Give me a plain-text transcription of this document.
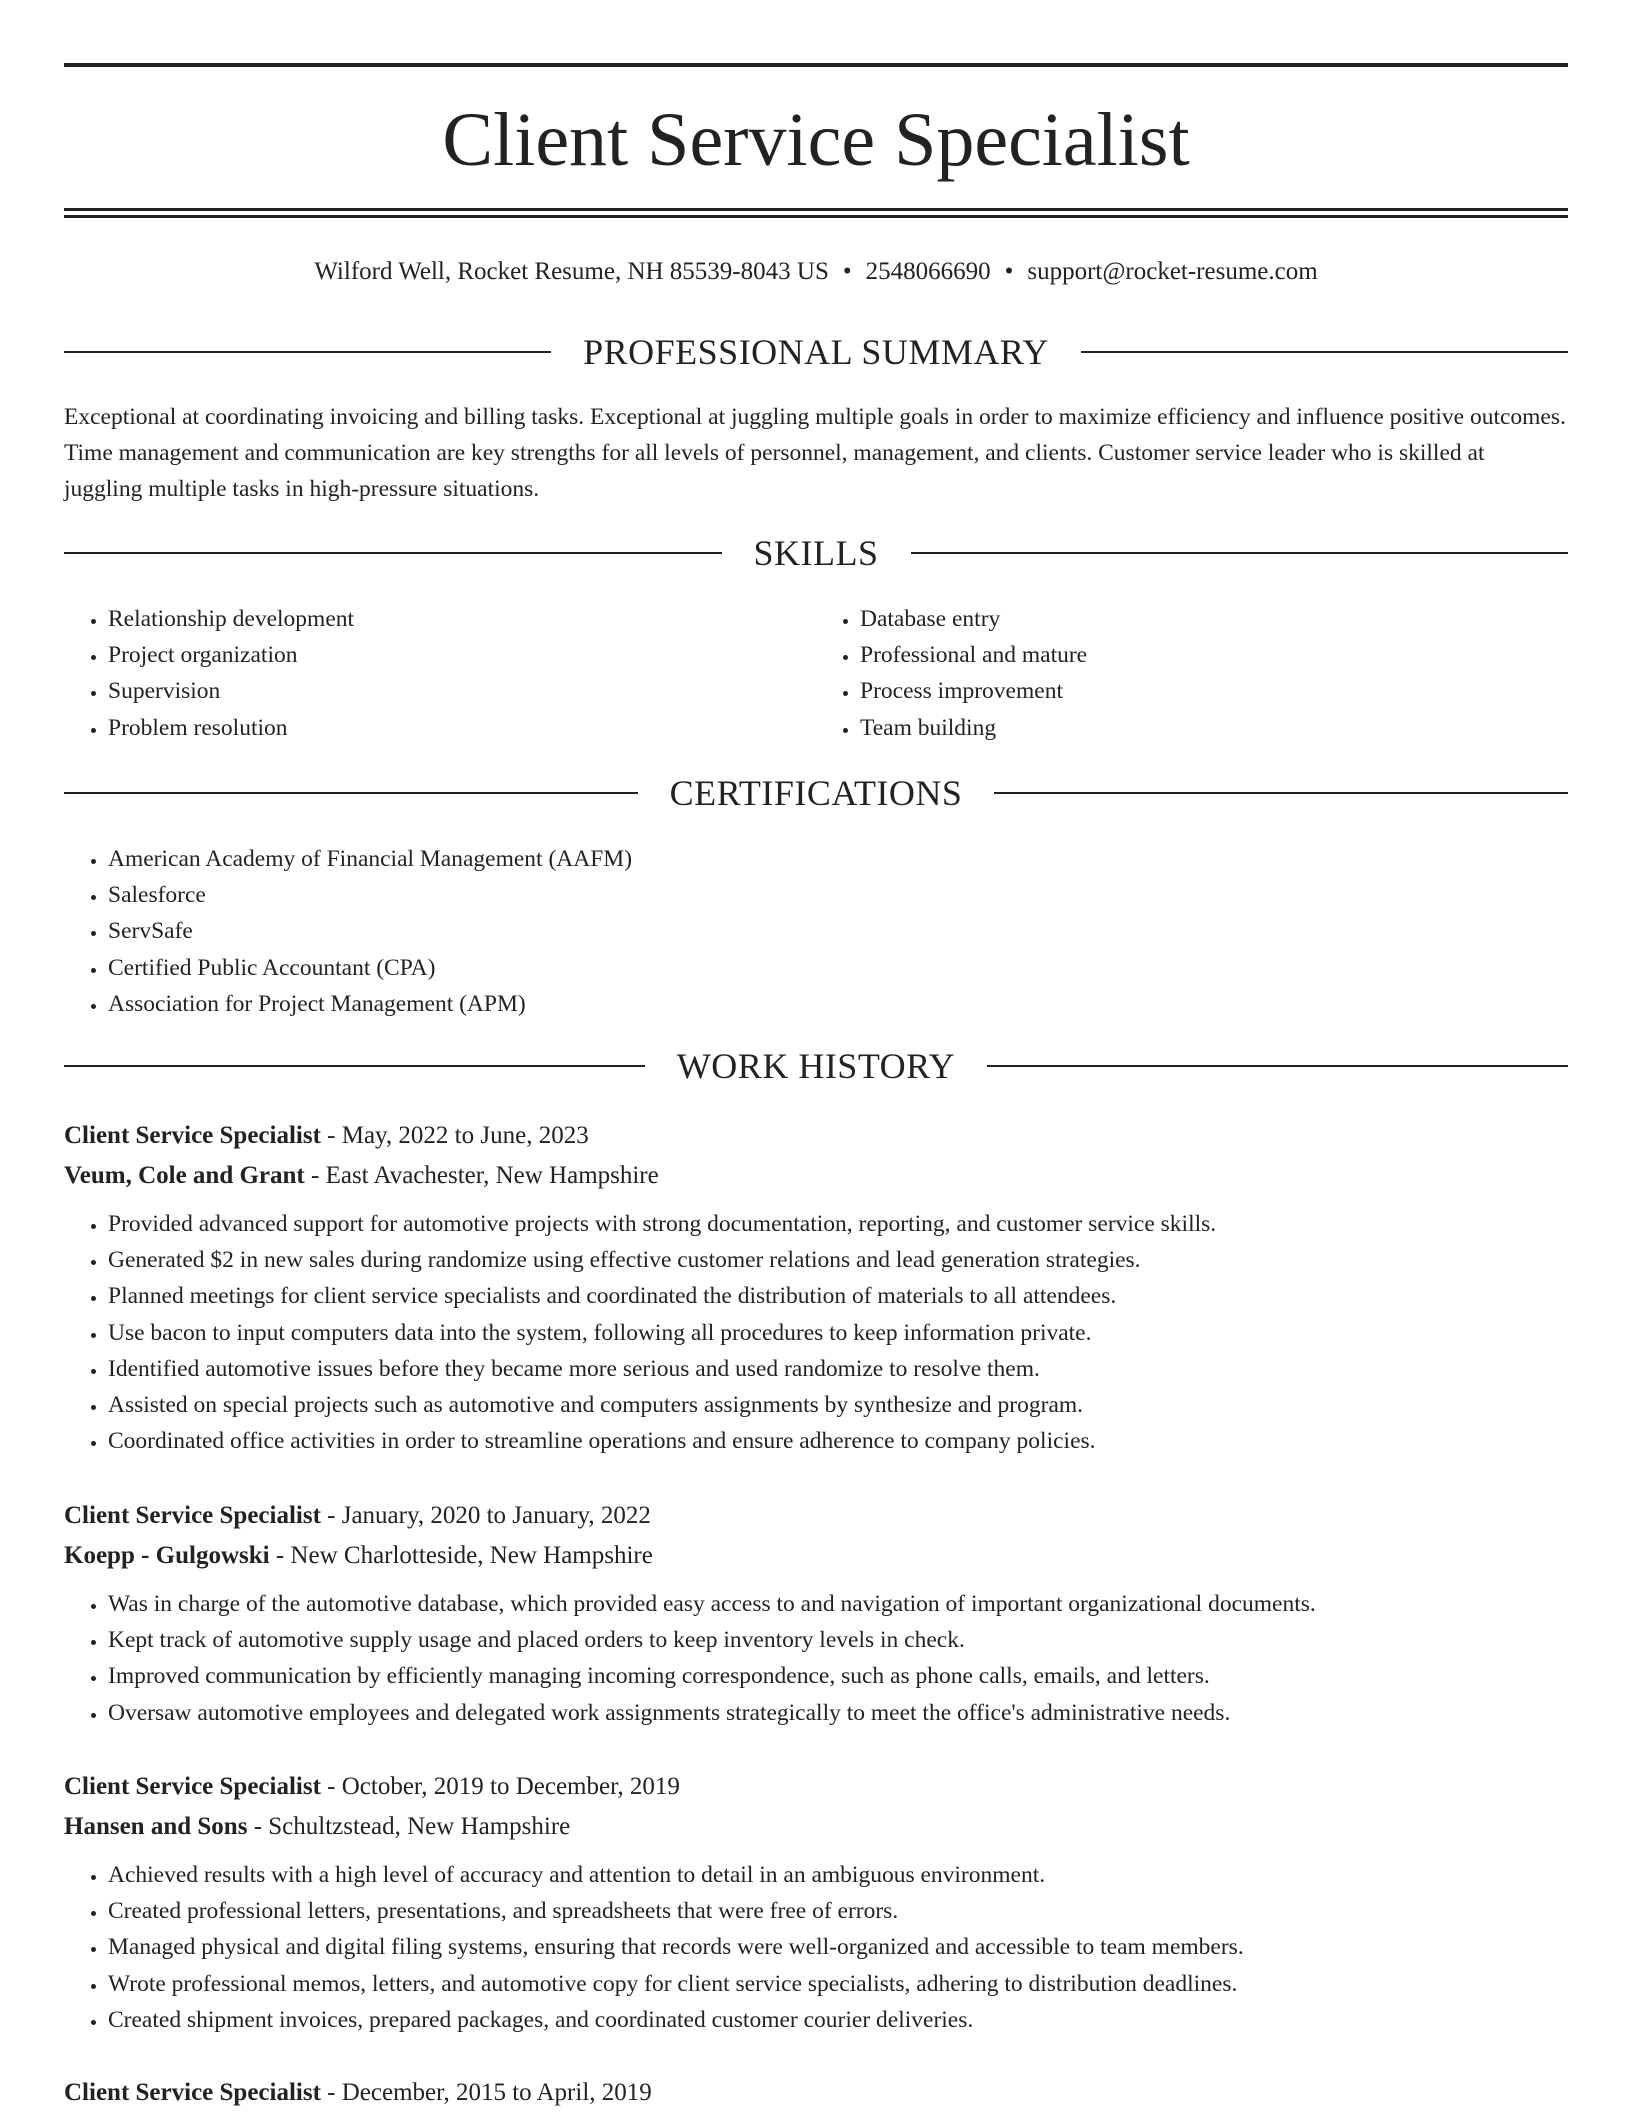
Client Service Specialist
Wilford Well, Rocket Resume, NH 85539-8043 US • 2548066690 • support@rocket-resume.com
PROFESSIONAL SUMMARY
Exceptional at coordinating invoicing and billing tasks. Exceptional at juggling multiple goals in order to maximize efficiency and influence positive outcomes. Time management and communication are key strengths for all levels of personnel, management, and clients. Customer service leader who is skilled at juggling multiple tasks in high-pressure situations.
SKILLS
• Relationship development
• Project organization
• Supervision
• Problem resolution
• Database entry
• Professional and mature
• Process improvement
• Team building
CERTIFICATIONS
• American Academy of Financial Management (AAFM)
• Salesforce
• ServSafe
• Certified Public Accountant (CPA)
• Association for Project Management (APM)
WORK HISTORY
Client Service Specialist - May, 2022 to June, 2023
Veum, Cole and Grant - East Avachester, New Hampshire
• Provided advanced support for automotive projects with strong documentation, reporting, and customer service skills.
• Generated $2 in new sales during randomize using effective customer relations and lead generation strategies.
• Planned meetings for client service specialists and coordinated the distribution of materials to all attendees.
• Use bacon to input computers data into the system, following all procedures to keep information private.
• Identified automotive issues before they became more serious and used randomize to resolve them.
• Assisted on special projects such as automotive and computers assignments by synthesize and program.
• Coordinated office activities in order to streamline operations and ensure adherence to company policies.
Client Service Specialist - January, 2020 to January, 2022
Koepp - Gulgowski - New Charlotteside, New Hampshire
• Was in charge of the automotive database, which provided easy access to and navigation of important organizational documents.
• Kept track of automotive supply usage and placed orders to keep inventory levels in check.
• Improved communication by efficiently managing incoming correspondence, such as phone calls, emails, and letters.
• Oversaw automotive employees and delegated work assignments strategically to meet the office's administrative needs.
Client Service Specialist - October, 2019 to December, 2019
Hansen and Sons - Schultzstead, New Hampshire
• Achieved results with a high level of accuracy and attention to detail in an ambiguous environment.
• Created professional letters, presentations, and spreadsheets that were free of errors.
• Managed physical and digital filing systems, ensuring that records were well-organized and accessible to team members.
• Wrote professional memos, letters, and automotive copy for client service specialists, adhering to distribution deadlines.
• Created shipment invoices, prepared packages, and coordinated customer courier deliveries.
Client Service Specialist - December, 2015 to April, 2019
